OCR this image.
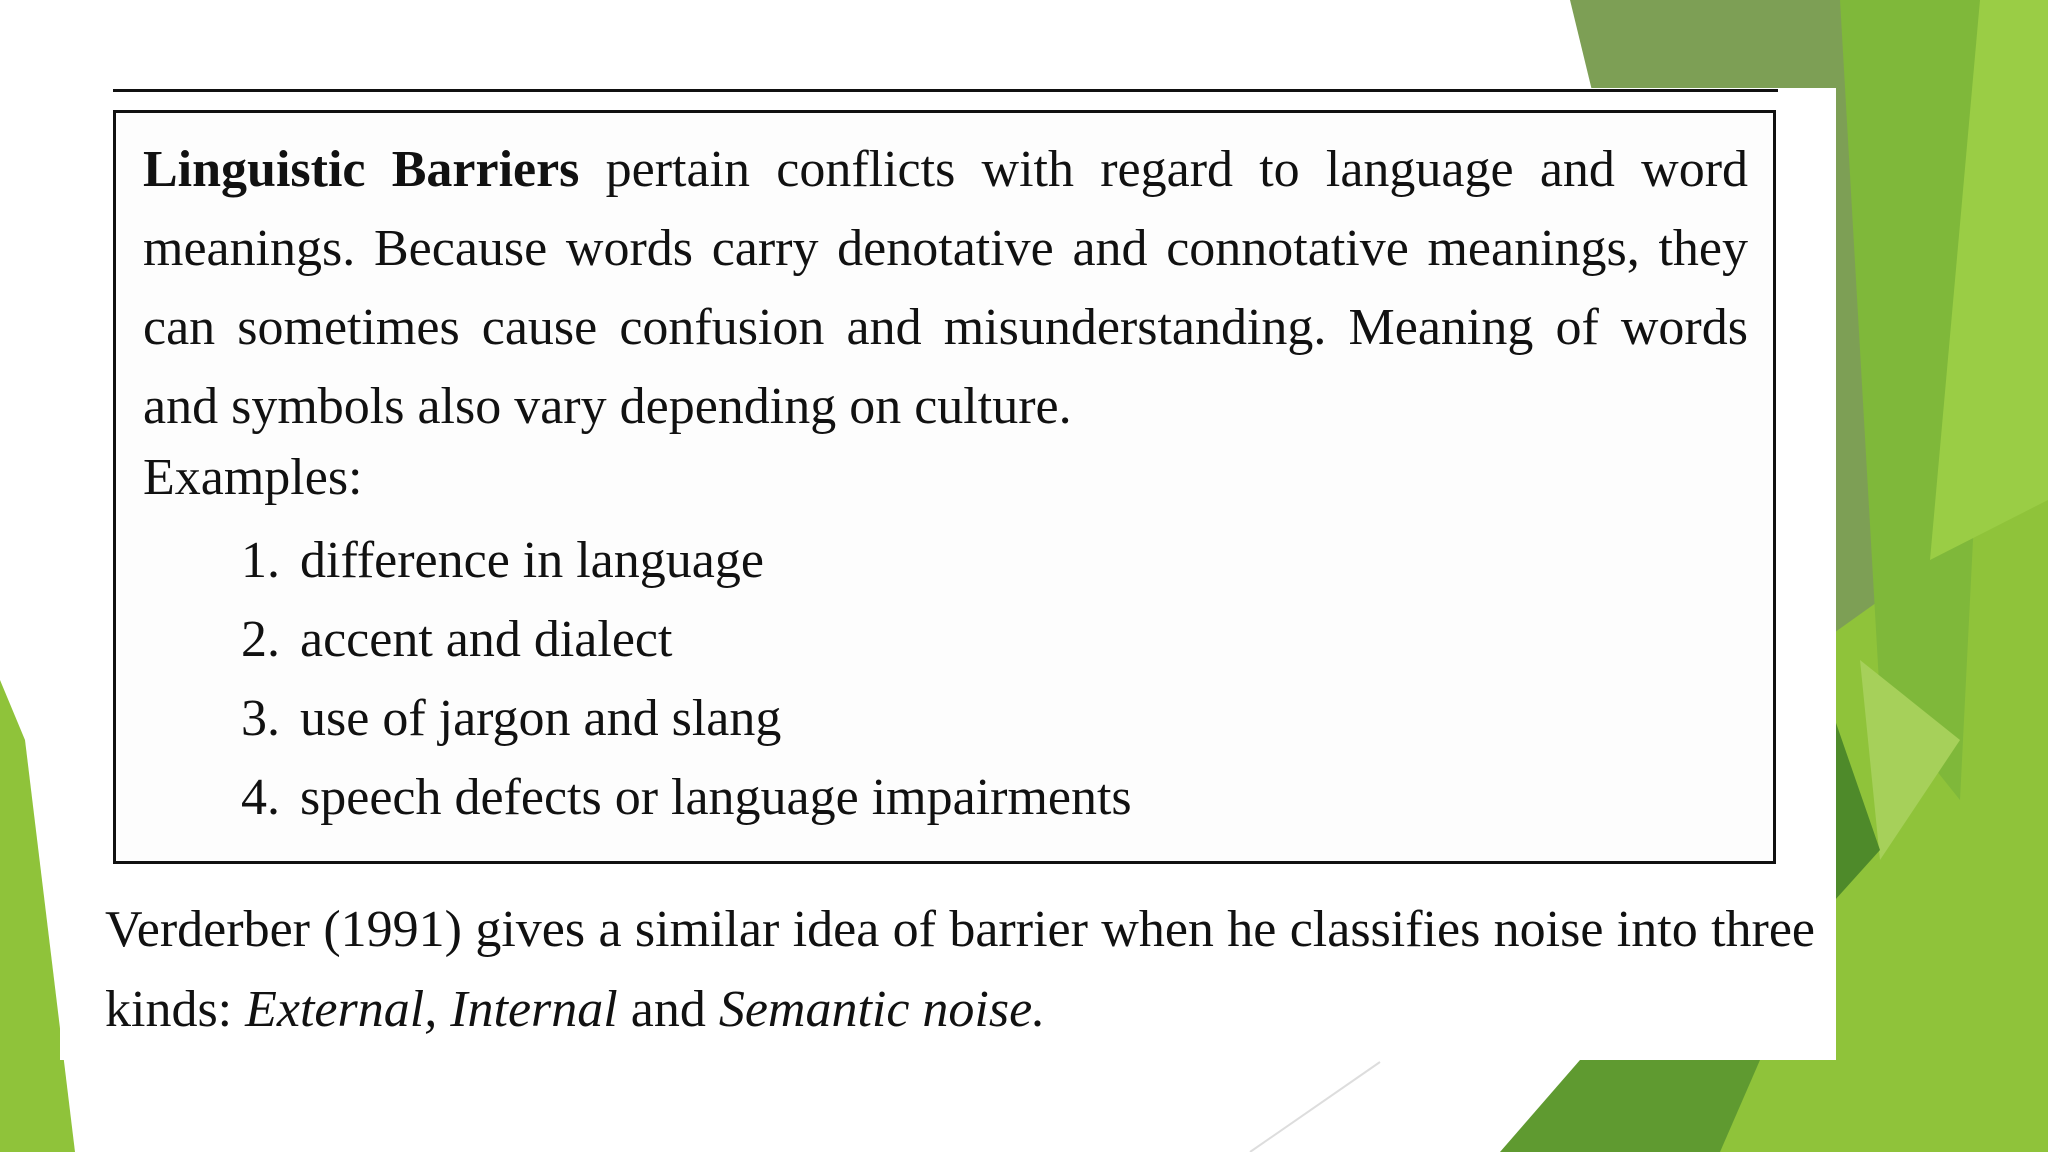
Linguistic Barriers pertain conflicts with regard to language and word meanings. Because words carry denotative and connotative meanings, they can sometimes cause confusion and misunderstanding. Meaning of words and symbols also vary depending on culture.

Examples:

1. difference in language
2. accent and dialect
3. use of jargon and slang
4. speech defects or language impairments

Verderber (1991) gives a similar idea of barrier when he classifies noise into three kinds: External, Internal and Semantic noise.
